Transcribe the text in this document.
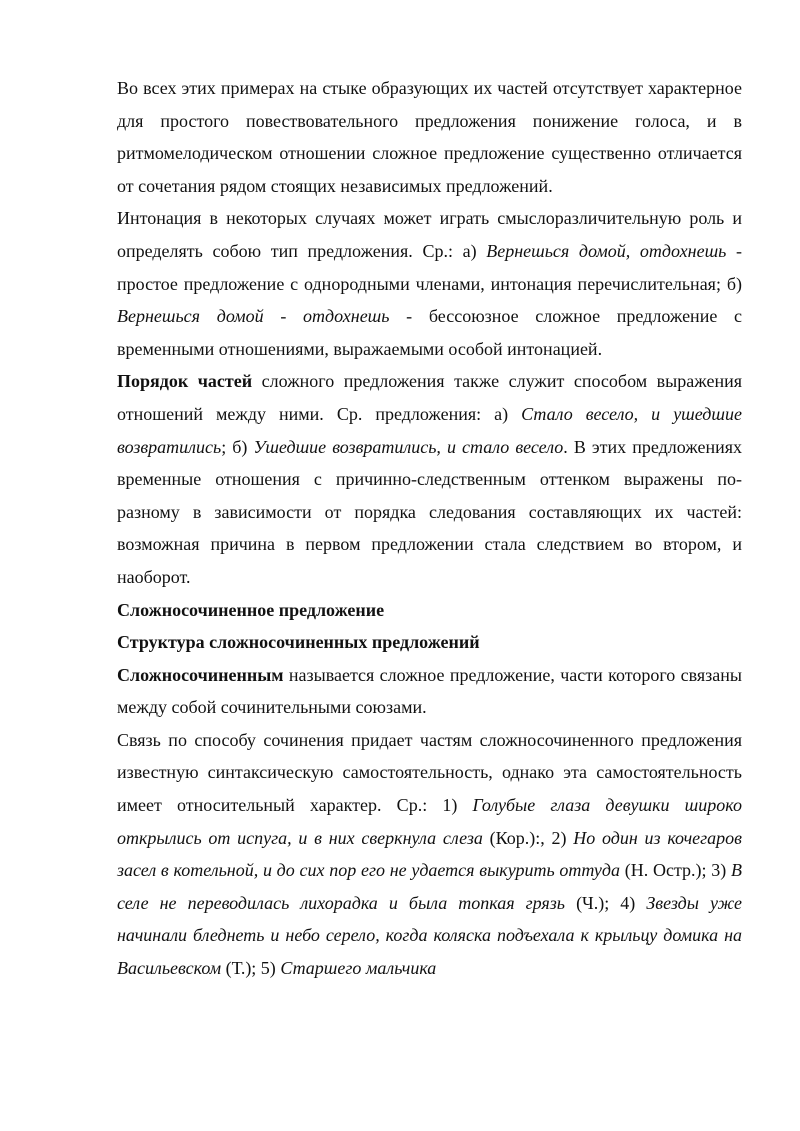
Во всех этих примерах на стыке образующих их частей отсутствует характерное для простого повествовательного предложения понижение голоса, и в ритмомелодическом отношении сложное предложение существенно отличается от сочетания рядом стоящих независимых предложений.

Интонация в некоторых случаях может играть смыслоразличительную роль и определять собою тип предложения. Ср.: а) Вернешься домой, отдохнешь - простое предложение с однородными членами, интонация перечислительная; б) Вернешься домой - отдохнешь - бессоюзное сложное предложение с временными отношениями, выражаемыми особой интонацией.

Порядок частей сложного предложения также служит способом выражения отношений между ними. Ср. предложения: а) Стало весело, и ушедшие возвратились; б) Ушедшие возвратились, и стало весело. В этих предложениях временные отношения с причинно-следственным оттенком выражены по-разному в зависимости от порядка следования составляющих их частей: возможная причина в первом предложении стала следствием во втором, и наоборот.

Сложносочиненное предложение

Структура сложносочиненных предложений

Сложносочиненным называется сложное предложение, части которого связаны между собой сочинительными союзами.

Связь по способу сочинения придает частям сложносочиненного предложения известную синтаксическую самостоятельность, однако эта самостоятельность имеет относительный характер. Ср.: 1) Голубые глаза девушки широко открылись от испуга, и в них сверкнула слеза (Кор.):, 2) Но один из кочегаров засел в котельной, и до сих пор его не удается выкурить оттуда (Н. Остр.); 3) В селе не переводилась лихорадка и была топкая грязь (Ч.); 4) Звезды уже начинали бледнеть и небо серело, когда коляска подъехала к крыльцу домика на Васильевском (Т.); 5) Старшего мальчика
